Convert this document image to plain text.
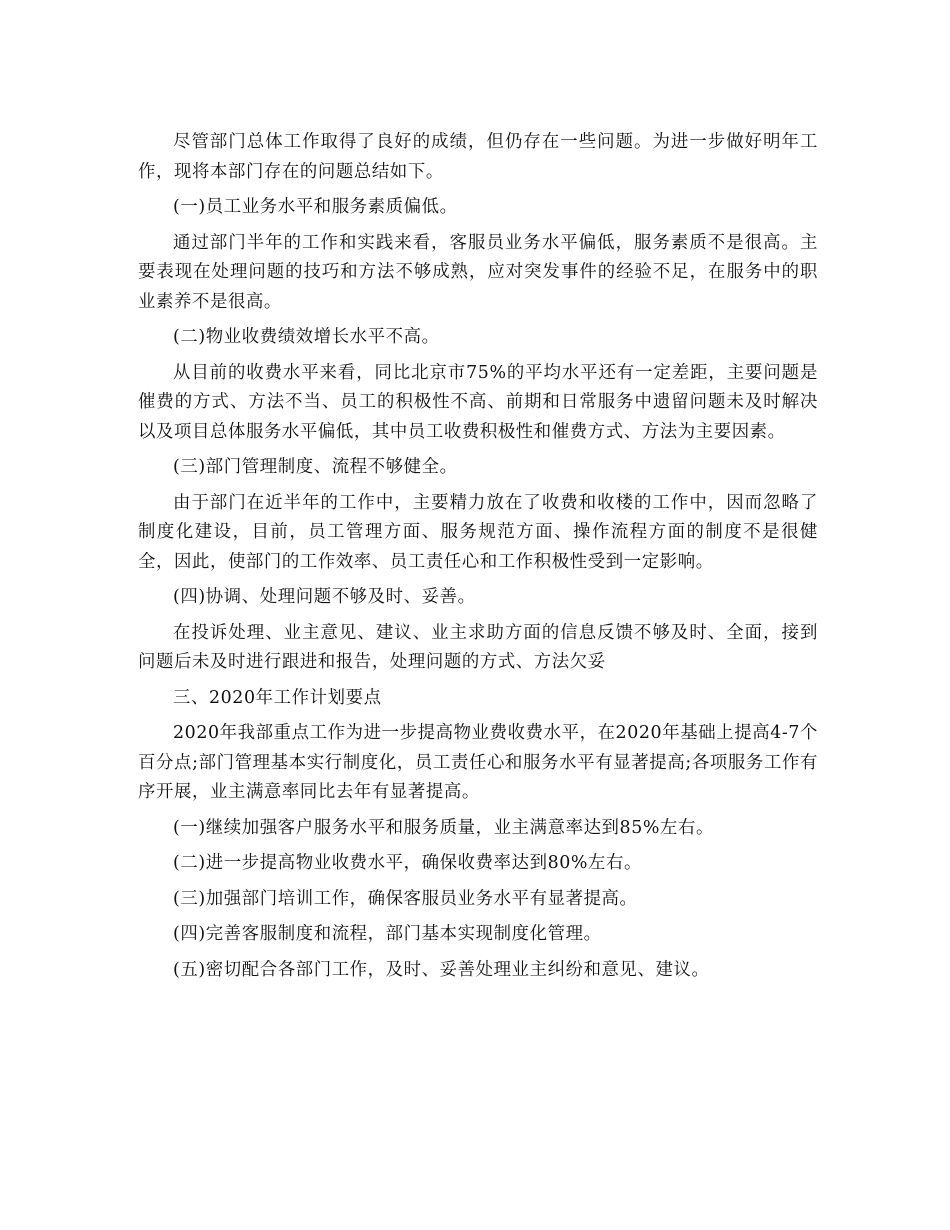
尽管部门总体工作取得了良好的成绩，但仍存在一些问题。为进一步做好明年工作，现将本部门存在的问题总结如下。

(一)员工业务水平和服务素质偏低。

通过部门半年的工作和实践来看，客服员业务水平偏低，服务素质不是很高。主要表现在处理问题的技巧和方法不够成熟，应对突发事件的经验不足，在服务中的职业素养不是很高。

(二)物业收费绩效增长水平不高。

从目前的收费水平来看，同比北京市75%的平均水平还有一定差距，主要问题是催费的方式、方法不当、员工的积极性不高、前期和日常服务中遗留问题未及时解决以及项目总体服务水平偏低，其中员工收费积极性和催费方式、方法为主要因素。

(三)部门管理制度、流程不够健全。

由于部门在近半年的工作中，主要精力放在了收费和收楼的工作中，因而忽略了制度化建设，目前，员工管理方面、服务规范方面、操作流程方面的制度不是很健全，因此，使部门的工作效率、员工责任心和工作积极性受到一定影响。

(四)协调、处理问题不够及时、妥善。

在投诉处理、业主意见、建议、业主求助方面的信息反馈不够及时、全面，接到问题后未及时进行跟进和报告，处理问题的方式、方法欠妥

三、2020年工作计划要点

2020年我部重点工作为进一步提高物业费收费水平，在2020年基础上提高4-7个百分点;部门管理基本实行制度化，员工责任心和服务水平有显著提高;各项服务工作有序开展，业主满意率同比去年有显著提高。

(一)继续加强客户服务水平和服务质量，业主满意率达到85%左右。

(二)进一步提高物业收费水平，确保收费率达到80%左右。

(三)加强部门培训工作，确保客服员业务水平有显著提高。

(四)完善客服制度和流程，部门基本实现制度化管理。

(五)密切配合各部门工作，及时、妥善处理业主纠纷和意见、建议。
